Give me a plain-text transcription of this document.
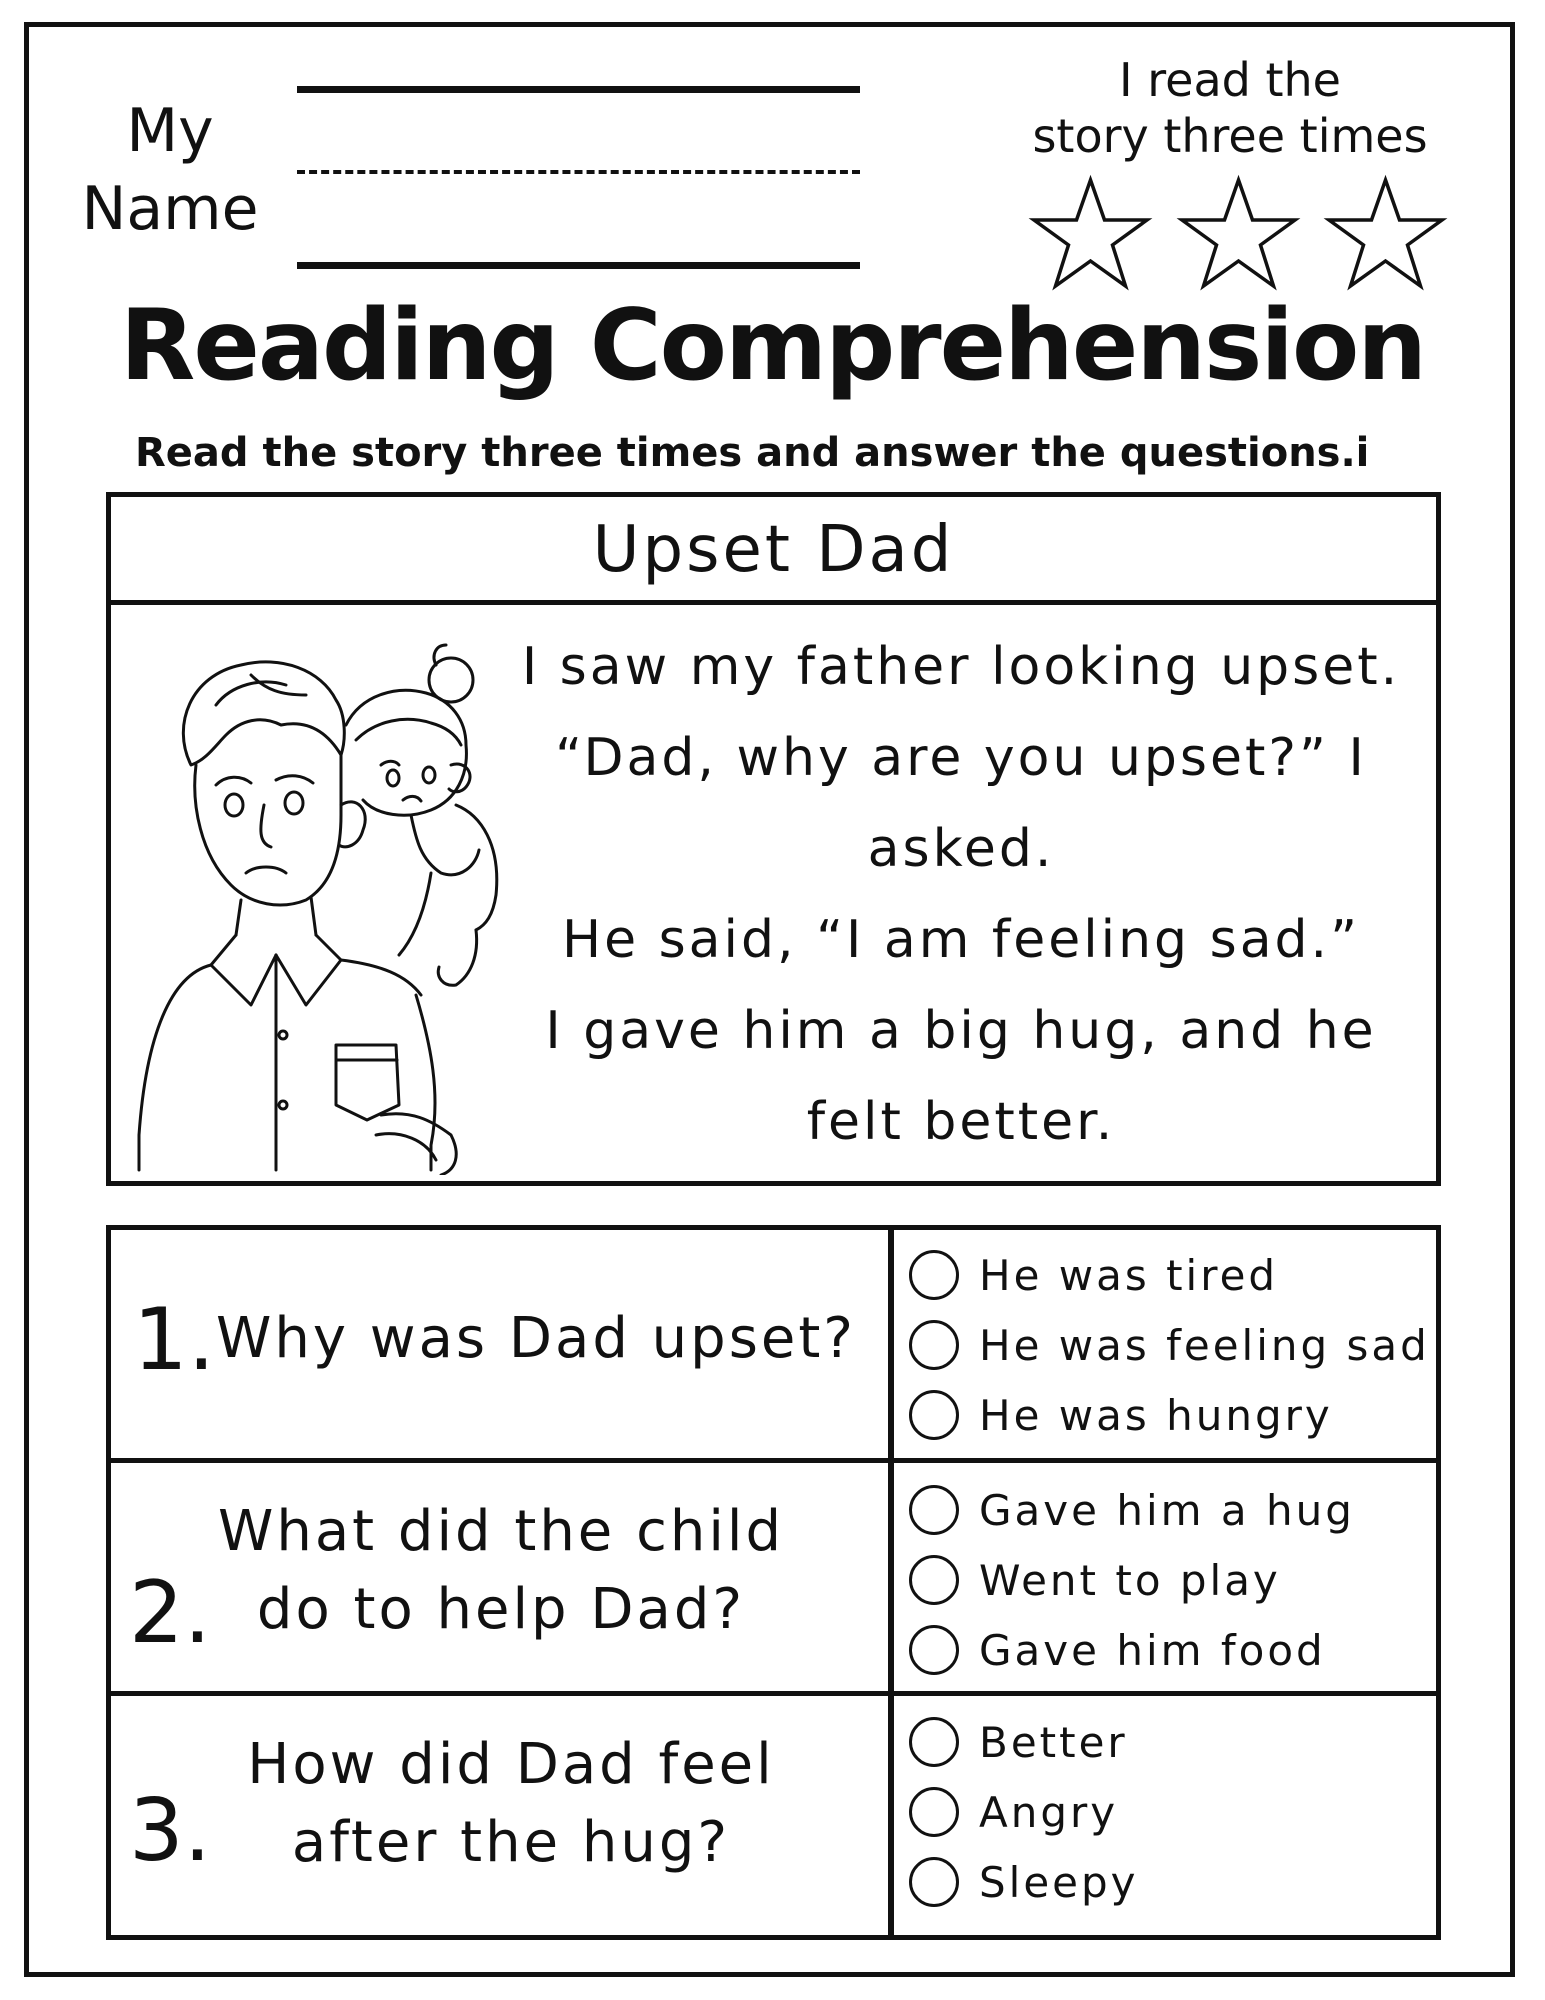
My
Name
I read the
story three times
Reading Comprehension
Read the story three times and answer the questions.i
Upset Dad
I saw my father looking upset.
“Dad, why are you upset?” I
asked.
He said, “I am feeling sad.”
I gave him a big hug, and he
felt better.
1. Why was Dad upset?
He was tired
He was feeling sad
He was hungry
2.
What did the child
do to help Dad?
Gave him a hug
Went to play
Gave him food
3.
How did Dad feel
after the hug?
Better
Angry
Sleepy
